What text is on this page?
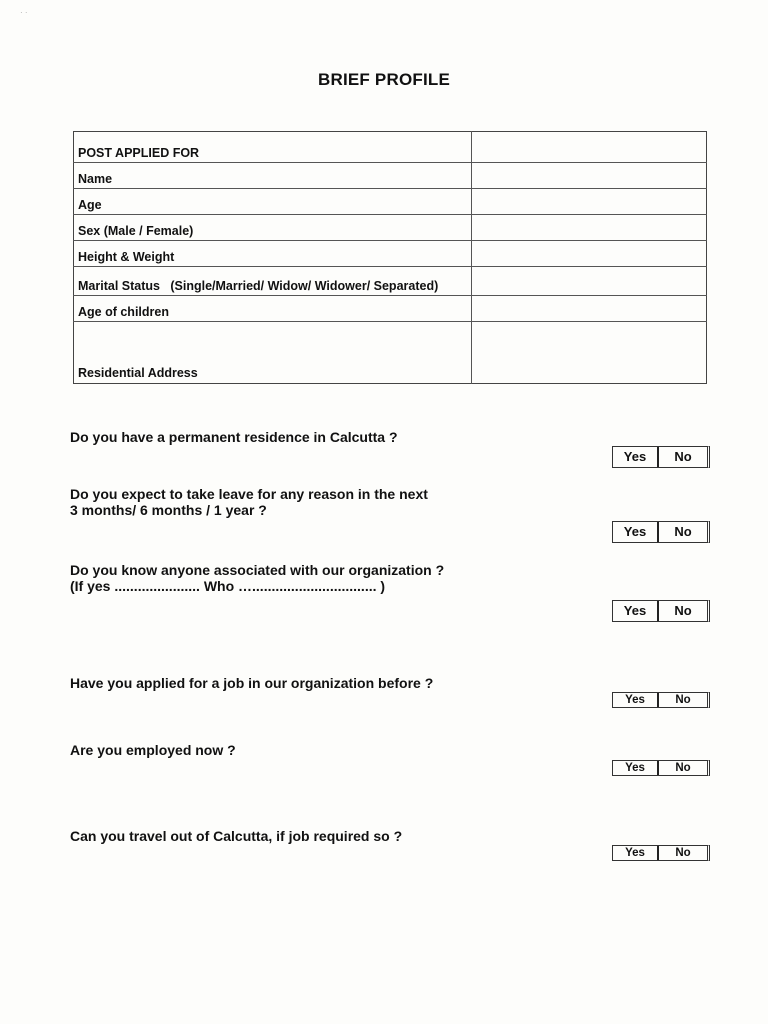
· ·
BRIEF PROFILE
POST APPLIED FOR	
Name	
Age	
Sex (Male / Female)	
Height & Weight	
Marital Status   (Single/Married/ Widow/ Widower/ Separated)	
Age of children	
Residential Address	
Do you have a permanent residence in Calcutta ?
Yes	No
Do you expect to take leave for any reason in the next
3 months/ 6 months / 1 year ?
Yes	No
Do you know anyone associated with our organization ?
(If yes ...................... Who …................................ )
Yes	No
Have you applied for a job in our organization before ?
Yes	No
Are you employed now ?
Yes	No
Can you travel out of Calcutta, if job required so ?
Yes	No
